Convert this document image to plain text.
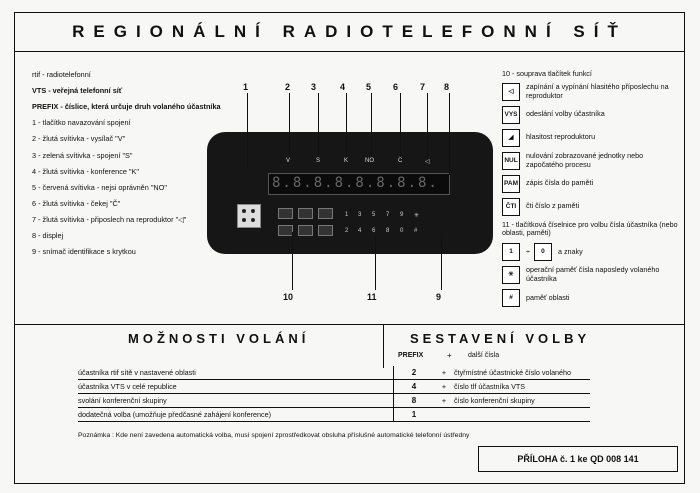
REGIONÁLNÍ RADIOTELEFONNÍ SÍŤ
rtif - radiotelefonní
VTS - veřejná telefonní síť
PREFIX - číslice, která určuje druh volaného účastníka
1 - tlačítko navazování spojení
2 - žlutá svítivka - vysílač "V"
3 - zelená svítivka - spojení "S"
4 - žlutá svítivka - konference "K"
5 - červená svítivka - nejsi oprávněn "NO"
6 - žlutá svítivka - čekej "Č"
7 - žlutá svítivka - připoslech na reproduktor "◁"
8 - displej
9 - snímač identifikace s krytkou
8.8.8.8.8.8.8.8.
V	S	K	NO	Č	◁
1 3 5 7 9 ✳
2 4 6 8 0 #
1	2 3	4 5 6 7 8
10	11	9
10 - souprava tlačítek funkcí
◁
zapínání a vypínání hlasitého příposlechu na reproduktor
VYS	odeslání volby účastníka
◢	hlasitost reproduktoru
NUL
nulování zobrazované jednotky nebo započatého procesu
PAM zápis čísla do paměti
ČTI	čti číslo z paměti
11 - tlačítková číselnice pro volbu čísla účastníka (nebo oblasti, paměti)
1	÷	0	a znaky
✳
operační paměť čísla naposledy volaného účastníka
#	paměť oblasti
MOŽNOSTI VOLÁNÍ	SESTAVENÍ VOLBY
PREFIX	+ další čísla
účastníka rtif sítě v nastavené oblasti	2	+	čtyřmístné účastnické číslo volaného
účastníka VTS v celé republice	4	+	číslo tlf účastníka VTS
svolání konferenční skupiny	8	+	číslo konferenční skupiny
dodatečná volba (umožňuje předčasné zahájení konference)	1
Poznámka : Kde není zavedena automatická volba, musí spojení zprostředkovat obsluha příslušné automatické telefonní ústředny
PŘÍLOHA č. 1 ke QD 008 141
